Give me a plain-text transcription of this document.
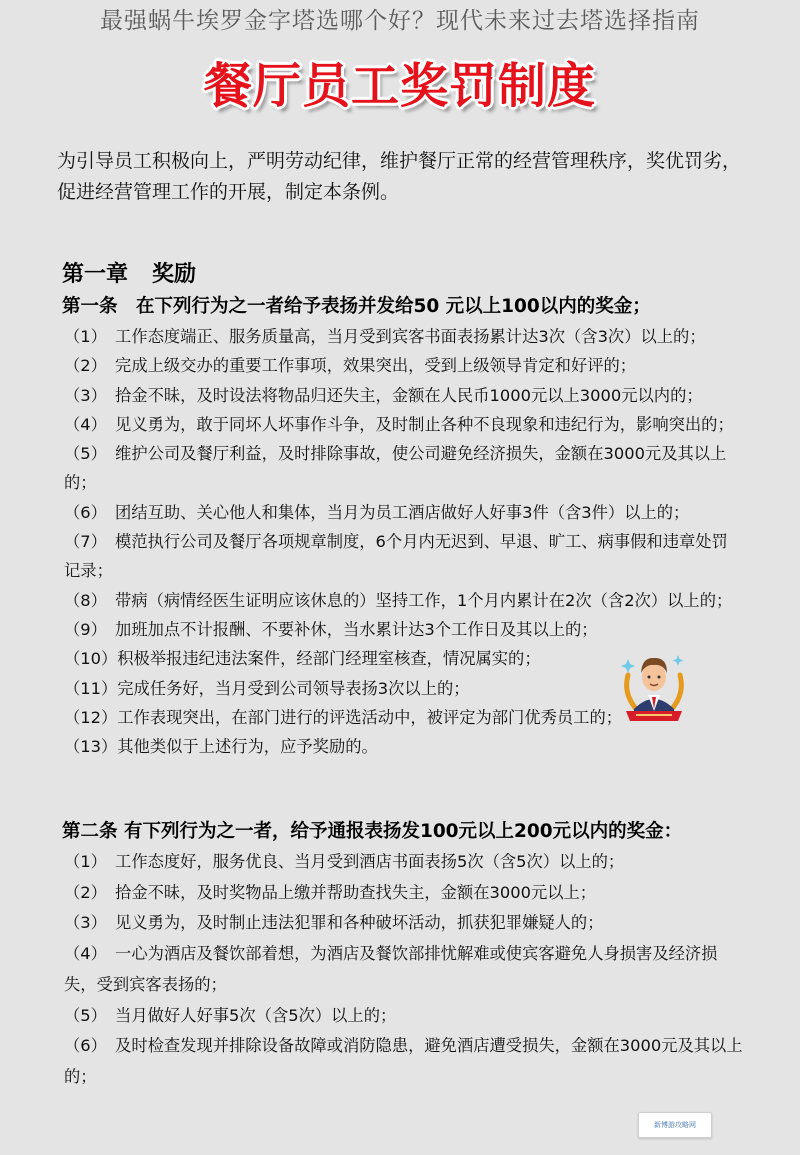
最强蜗牛埃罗金字塔选哪个好？现代未来过去塔选择指南
餐厅员工奖罚制度
为引导员工积极向上，严明劳动纪律，维护餐厅正常的经营管理秩序，奖优罚劣，促进经营管理工作的开展，制定本条例。
第一章 奖励
第一条　在下列行为之一者给予表扬并发给50 元以上100以内的奖金；
（1）　工作态度端正、服务质量高，当月受到宾客书面表扬累计达3次（含3次）以上的；
（2）　完成上级交办的重要工作事项，效果突出，受到上级领导肯定和好评的；
（3）　拾金不昧，及时设法将物品归还失主，金额在人民币1000元以上3000元以内的；
（4）　见义勇为，敢于同坏人坏事作斗争，及时制止各种不良现象和违纪行为，影响突出的；
（5）　维护公司及餐厅利益，及时排除事故，使公司避免经济损失，金额在3000元及其以上的；
（6）　团结互助、关心他人和集体，当月为员工酒店做好人好事3件（含3件）以上的；
（7）　模范执行公司及餐厅各项规章制度，6个月内无迟到、早退、旷工、病事假和违章处罚记录；
（8）　带病（病情经医生证明应该休息的）坚持工作，1个月内累计在2次（含2次）以上的；
（9）　加班加点不计报酬、不要补休，当水累计达3个工作日及其以上的；
（10）积极举报违纪违法案件，经部门经理室核查，情况属实的；
（11）完成任务好，当月受到公司领导表扬3次以上的；
（12）工作表现突出，在部门进行的评选活动中，被评定为部门优秀员工的；
（13）其他类似于上述行为，应予奖励的。
第二条 有下列行为之一者，给予通报表扬发100元以上200元以内的奖金：
（1）　工作态度好，服务优良、当月受到酒店书面表扬5次（含5次）以上的；
（2）　拾金不昧，及时奖物品上缴并帮助查找失主，金额在3000元以上；
（3）　见义勇为，及时制止违法犯罪和各种破坏活动，抓获犯罪嫌疑人的；
（4）　一心为酒店及餐饮部着想，为酒店及餐饮部排忧解难或使宾客避免人身损害及经济损失，受到宾客表扬的；
（5）　当月做好人好事5次（含5次）以上的；
（6）　及时检查发现并排除设备故障或消防隐患，避免酒店遭受损失，金额在3000元及其以上的；
新博游攻略网
